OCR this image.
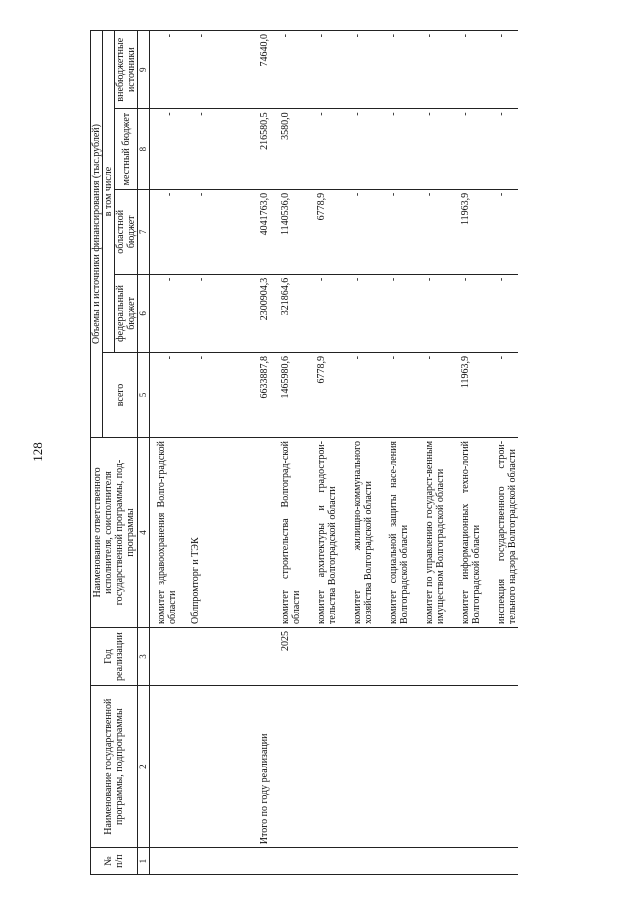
128
№ п/п	Наименование государственной программы, подпрограммы	Год реализации	Наименование ответственного исполнителя, соисполнителя государственной программы, под-программы	Объемы и источники финансирования (тыс.рублей)				
				всего	в том числе			
					федеральный бюджет	областной бюджет	местный бюджет	внебюджетные источники
1	2	3	4	5	6	7	8	9
			комитет здравоохранения Волго-градской области	-	-	-	-	-
			Облпромторг и ТЭК	-	-	-	-	-
	Итого по году реализации			6633887,8	2300904,3	4041763,0	216580,5	74640,0
		2025	комитет строительства Волгоград-ской области	1465980,6	321864,6	1140536,0	3580,0	-
			комитет архитектуры и градострои-тельства Волгоградской области	6778,9	-	6778,9	-	-
			комитет жилищно-коммунального хозяйства Волгоградской области	-	-	-	-	-
			комитет социальной защиты насе-ления Волгоградской области	-	-	-	-	-
			комитет по управлению государст-венным имуществом Волгоградской области	-	-	-	-	-
			комитет информационных техно-логий Волгоградской области	11963,9	-	11963,9	-	-
			инспекция государственного строи-тельного надзора Волгоградской области	-	-	-	-	-
